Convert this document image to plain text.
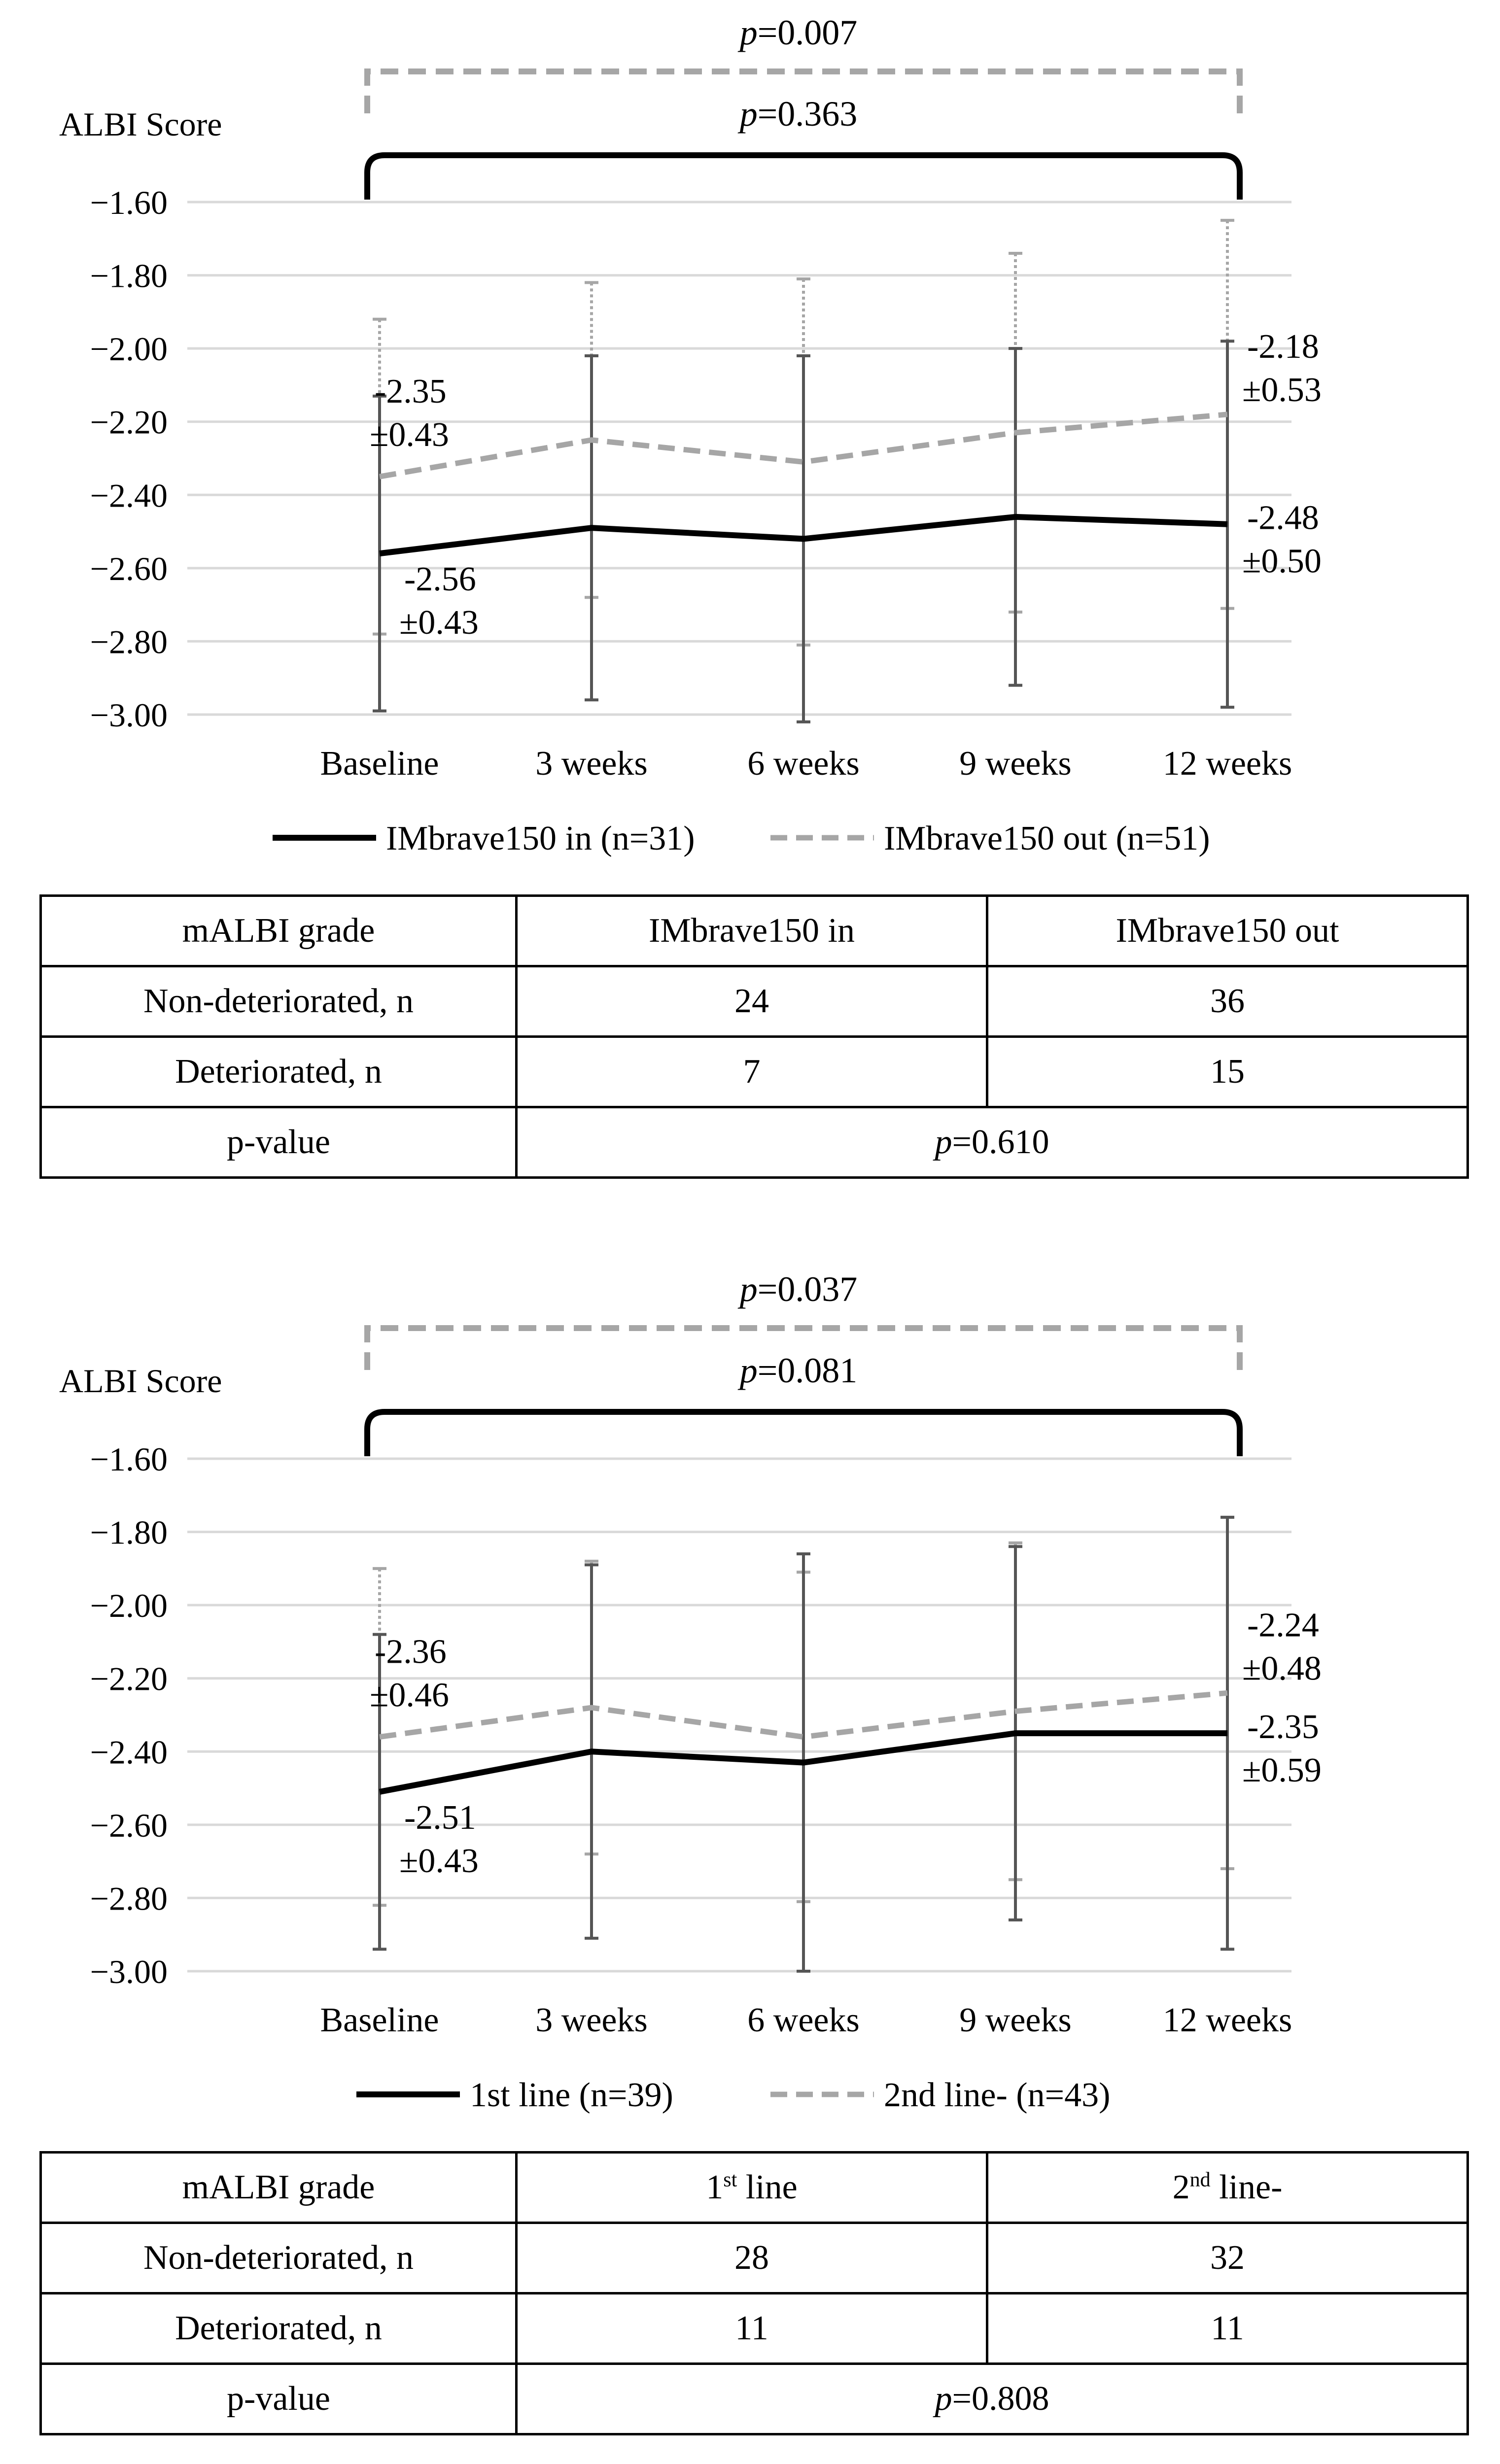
−1.60
−1.80
−2.00
−2.20
−2.40
−2.60
−2.80
−3.00
ALBI Score
Baseline	3 weeks	6 weeks	9 weeks	12 weeks
p=0.007
p=0.363
-2.35
±0.43
-2.56
±0.43
-2.18
±0.53
-2.48
±0.50
IMbrave150 in (n=31)	IMbrave150 out (n=51)
mALBI grade	IMbrave150 in	IMbrave150 out
Non-deteriorated, n	24	36
Deteriorated, n	7	15
p-value	p=0.610	
−1.60
−1.80
−2.00
−2.20
−2.40
−2.60
−2.80
−3.00
ALBI Score
Baseline	3 weeks	6 weeks	9 weeks	12 weeks
p=0.037
p=0.081
-2.36
±0.46
-2.51
±0.43
-2.24
±0.48
-2.35
±0.59
1st line (n=39)	2nd line- (n=43)
mALBI grade	1st line	2nd line-
Non-deteriorated, n	28	32
Deteriorated, n	11	11
p-value	p=0.808	
